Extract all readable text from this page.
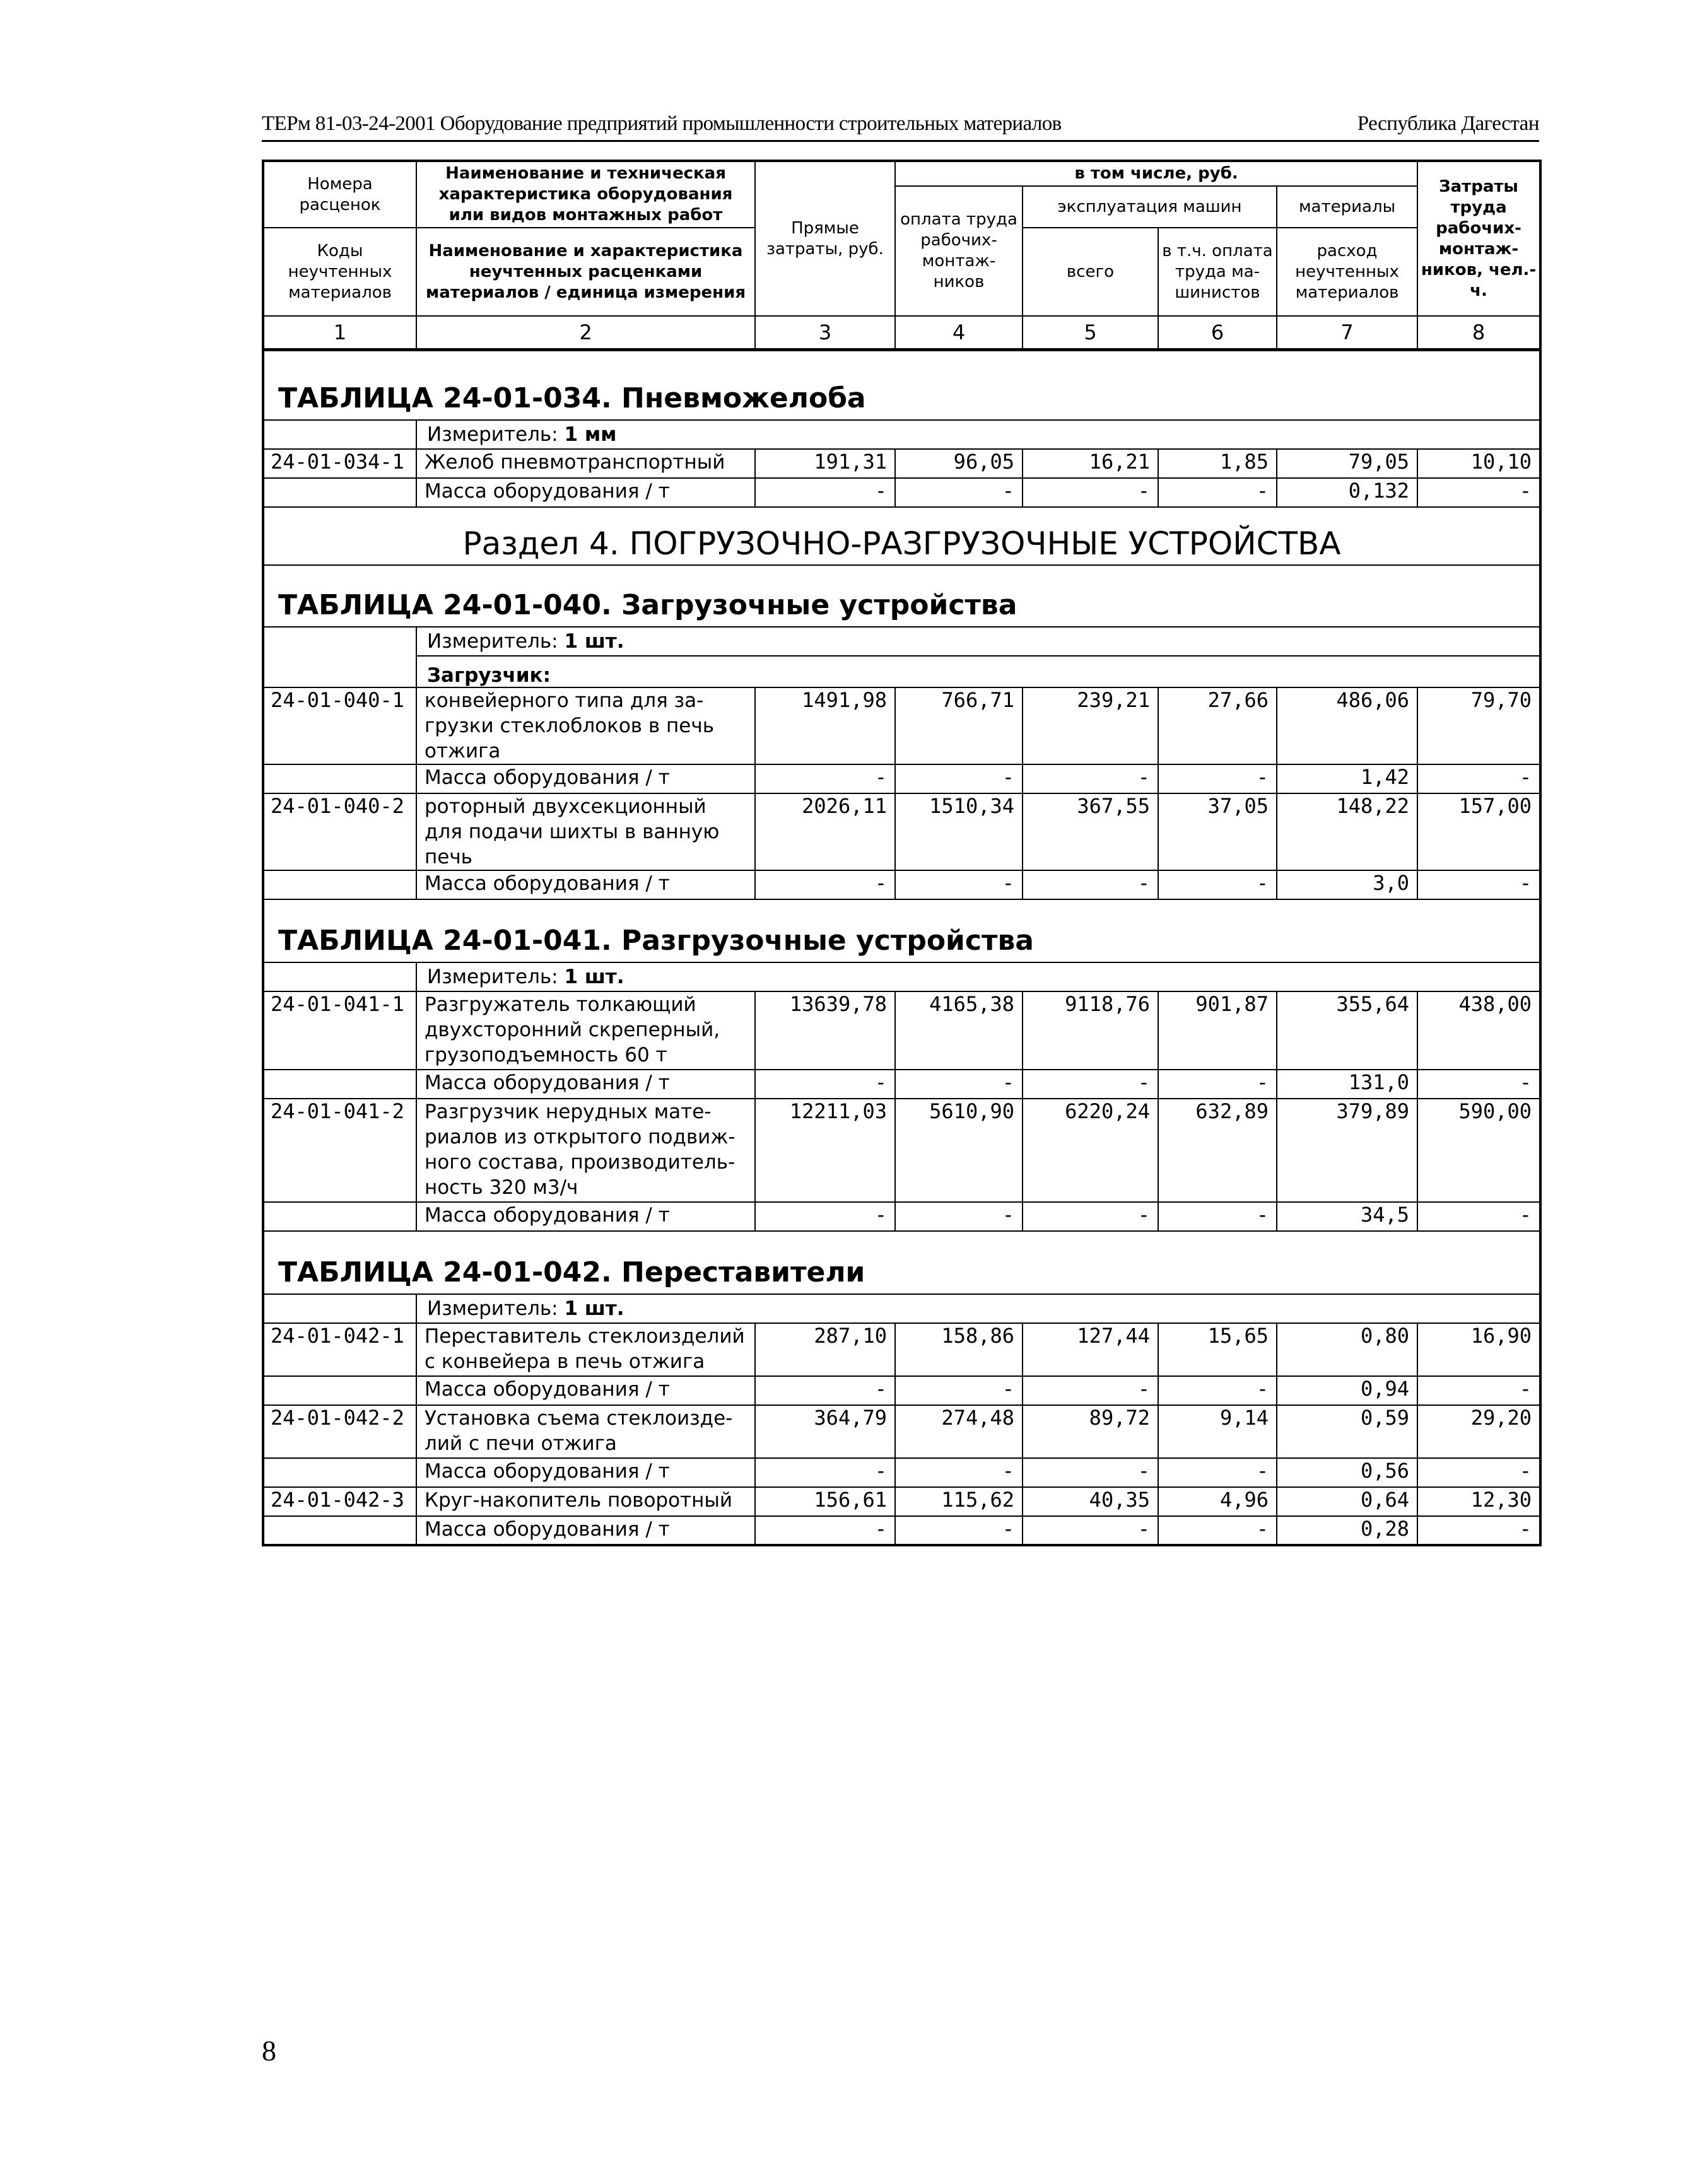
ТЕРм 81-03-24-2001 Оборудование предприятий промышленности строительных материалов	Республика Дагестан
Номера расценок	Наименование и техническая характеристика оборудования или видов монтажных работ	Прямые затраты, руб.	в том числе, руб.				Затраты труда рабочих-монтаж-ников, чел.-ч.
			оплата труда рабочих-монтаж-ников	эксплуатация машин		материалы	
Коды неучтенных материалов	Наименование и характеристика неучтенных расценками материалов / единица измерения			всего	в т.ч. оплата труда ма-шинистов	расход неучтенных материалов	

1	2	3	4	5	6	7	8
ТАБЛИЦА 24-01-034. Пневможелоба							
	Измеритель: 1 мм						
24-01-034-1	Желоб пневмотранспортный	191,31	96,05	16,21	1,85	79,05	10,10
	Масса оборудования / т	-	-	-	-	0,132	-
Раздел 4. ПОГРУЗОЧНО-РАЗГРУЗОЧНЫЕ УСТРОЙСТВА							
ТАБЛИЦА 24-01-040. Загрузочные устройства							
	Измеритель: 1 шт.						
	Загрузчик:						
24-01-040-1	конвейерного типа для за-грузки стеклоблоков в печь отжига	1491,98	766,71	239,21	27,66	486,06	79,70
	Масса оборудования / т	-	-	-	-	1,42	-
24-01-040-2	роторный двухсекционный для подачи шихты в ванную печь	2026,11	1510,34	367,55	37,05	148,22	157,00
	Масса оборудования / т	-	-	-	-	3,0	-
ТАБЛИЦА 24-01-041. Разгрузочные устройства							
	Измеритель: 1 шт.						
24-01-041-1	Разгружатель толкающий двухсторонний скреперный, грузоподъемность 60 т	13639,78	4165,38	9118,76	901,87	355,64	438,00
	Масса оборудования / т	-	-	-	-	131,0	-
24-01-041-2	Разгрузчик нерудных мате-риалов из открытого подвиж-ного состава, производитель-ность 320 м3/ч	12211,03	5610,90	6220,24	632,89	379,89	590,00
	Масса оборудования / т	-	-	-	-	34,5	-
ТАБЛИЦА 24-01-042. Переставители							
	Измеритель: 1 шт.						
24-01-042-1	Переставитель стеклоизделий с конвейера в печь отжига	287,10	158,86	127,44	15,65	0,80	16,90
	Масса оборудования / т	-	-	-	-	0,94	-
24-01-042-2	Установка съема стеклоизде-лий с печи отжига	364,79	274,48	89,72	9,14	0,59	29,20
	Масса оборудования / т	-	-	-	-	0,56	-
24-01-042-3	Круг-накопитель поворотный	156,61	115,62	40,35	4,96	0,64	12,30
	Масса оборудования / т	-	-	-	-	0,28	-
8
